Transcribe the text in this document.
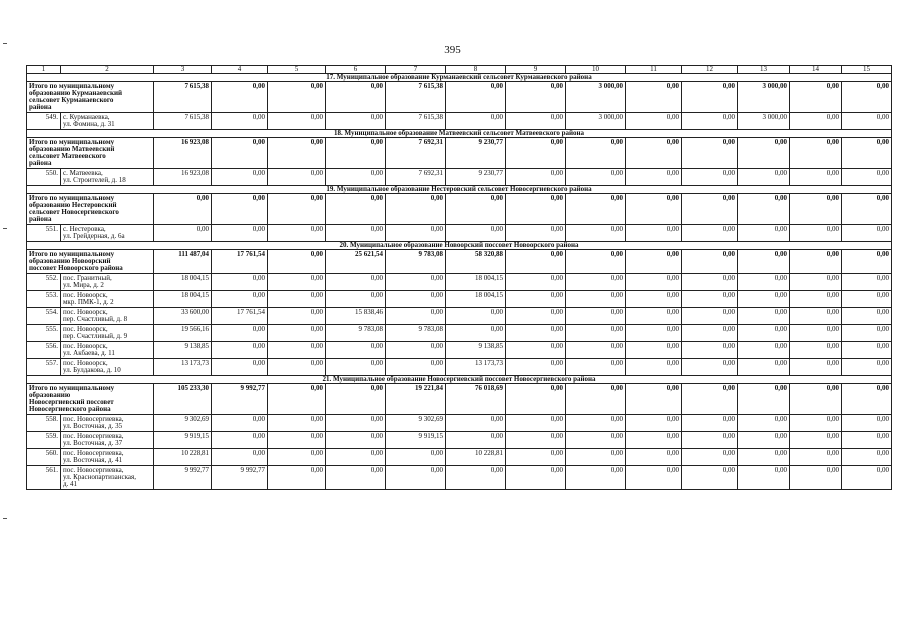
395
1	2	3	4	5	6	7	8	9	10	11	12	13	14	15
17. Муниципальное образование Курманаевский сельсовет Курманаевского района														
Итого по муниципальному
образованию Курманаевский
сельсовет Курманаевского
района		7 615,38	0,00	0,00	0,00	7 615,38	0,00	0,00	3 000,00	0,00	0,00	3 000,00	0,00	0,00
549.	с. Курманаевка,
ул. Фомина, д. 31	7 615,38	0,00	0,00	0,00	7 615,38	0,00	0,00	3 000,00	0,00	0,00	3 000,00	0,00	0,00
18. Муниципальное образование Матвеевский сельсовет Матвеевского района														
Итого по муниципальному
образованию Матвеевский
сельсовет Матвеевского
района		16 923,08	0,00	0,00	0,00	7 692,31	9 230,77	0,00	0,00	0,00	0,00	0,00	0,00	0,00
550.	с. Матвеевка,
ул. Строителей, д. 18	16 923,08	0,00	0,00	0,00	7 692,31	9 230,77	0,00	0,00	0,00	0,00	0,00	0,00	0,00
19. Муниципальное образование Нестеровский сельсовет Новосергиевского района														
Итого по муниципальному
образованию Нестеровский
сельсовет Новосергиевского
района		0,00	0,00	0,00	0,00	0,00	0,00	0,00	0,00	0,00	0,00	0,00	0,00	0,00
551.	с. Нестеровка,
ул. Грейдерная, д. 6а	0,00	0,00	0,00	0,00	0,00	0,00	0,00	0,00	0,00	0,00	0,00	0,00	0,00
20. Муниципальное образование Новоорский поссовет Новоорского района														
Итого по муниципальному
образованию Новоорский
поссовет Новоорского района		111 487,04	17 761,54	0,00	25 621,54	9 783,08	58 320,88	0,00	0,00	0,00	0,00	0,00	0,00	0,00
552.	пос. Гранитный,
ул. Мира, д. 2	18 004,15	0,00	0,00	0,00	0,00	18 004,15	0,00	0,00	0,00	0,00	0,00	0,00	0,00
553.	пос. Новоорск,
мкр. ПМК-1, д. 2	18 004,15	0,00	0,00	0,00	0,00	18 004,15	0,00	0,00	0,00	0,00	0,00	0,00	0,00
554.	пос. Новоорск,
пер. Счастливый, д. 8	33 600,00	17 761,54	0,00	15 838,46	0,00	0,00	0,00	0,00	0,00	0,00	0,00	0,00	0,00
555.	пос. Новоорск,
пер. Счастливый, д. 9	19 566,16	0,00	0,00	9 783,08	9 783,08	0,00	0,00	0,00	0,00	0,00	0,00	0,00	0,00
556.	пос. Новоорск,
ул. Акбаева, д. 11	9 138,85	0,00	0,00	0,00	0,00	9 138,85	0,00	0,00	0,00	0,00	0,00	0,00	0,00
557.	пос. Новоорск,
ул. Булдакова, д. 10	13 173,73	0,00	0,00	0,00	0,00	13 173,73	0,00	0,00	0,00	0,00	0,00	0,00	0,00
21. Муниципальное образование Новосергиевский поссовет Новосергиевского района														
Итого по муниципальному
образованию
Новосергиевский поссовет
Новосергиевского района		105 233,30	9 992,77	0,00	0,00	19 221,84	76 018,69	0,00	0,00	0,00	0,00	0,00	0,00	0,00
558.	пос. Новосергиевка,
ул. Восточная, д. 35	9 302,69	0,00	0,00	0,00	9 302,69	0,00	0,00	0,00	0,00	0,00	0,00	0,00	0,00
559.	пос. Новосергиевка,
ул. Восточная, д. 37	9 919,15	0,00	0,00	0,00	9 919,15	0,00	0,00	0,00	0,00	0,00	0,00	0,00	0,00
560.	пос. Новосергиевка,
ул. Восточная, д. 41	10 228,81	0,00	0,00	0,00	0,00	10 228,81	0,00	0,00	0,00	0,00	0,00	0,00	0,00
561.	пос. Новосергиевка,
ул. Краснопартизанская,
д. 41	9 992,77	9 992,77	0,00	0,00	0,00	0,00	0,00	0,00	0,00	0,00	0,00	0,00	0,00
